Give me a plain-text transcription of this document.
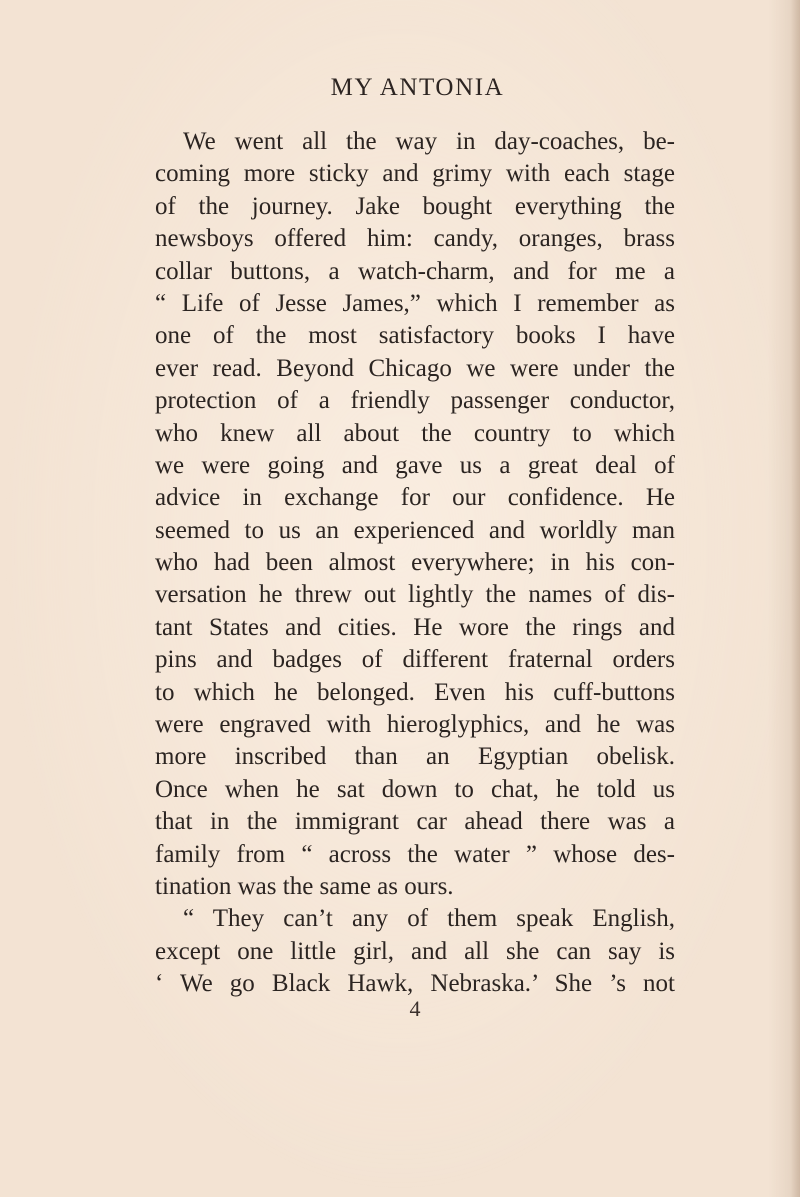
MY ANTONIA
We went all the way in day-coaches, be-
coming more sticky and grimy with each stage
of the journey. Jake bought everything the
newsboys offered him: candy, oranges, brass
collar buttons, a watch-charm, and for me a
“ Life of Jesse James,” which I remember as
one of the most satisfactory books I have
ever read. Beyond Chicago we were under the
protection of a friendly passenger conductor,
who knew all about the country to which
we were going and gave us a great deal of
advice in exchange for our confidence. He
seemed to us an experienced and worldly man
who had been almost everywhere; in his con-
versation he threw out lightly the names of dis-
tant States and cities. He wore the rings and
pins and badges of different fraternal orders
to which he belonged. Even his cuff-buttons
were engraved with hieroglyphics, and he was
more inscribed than an Egyptian obelisk.
Once when he sat down to chat, he told us
that in the immigrant car ahead there was a
family from “ across the water ” whose des-
tination was the same as ours.
“ They can’t any of them speak English,
except one little girl, and all she can say is
‘ We go Black Hawk, Nebraska.’ She ’s not
4
